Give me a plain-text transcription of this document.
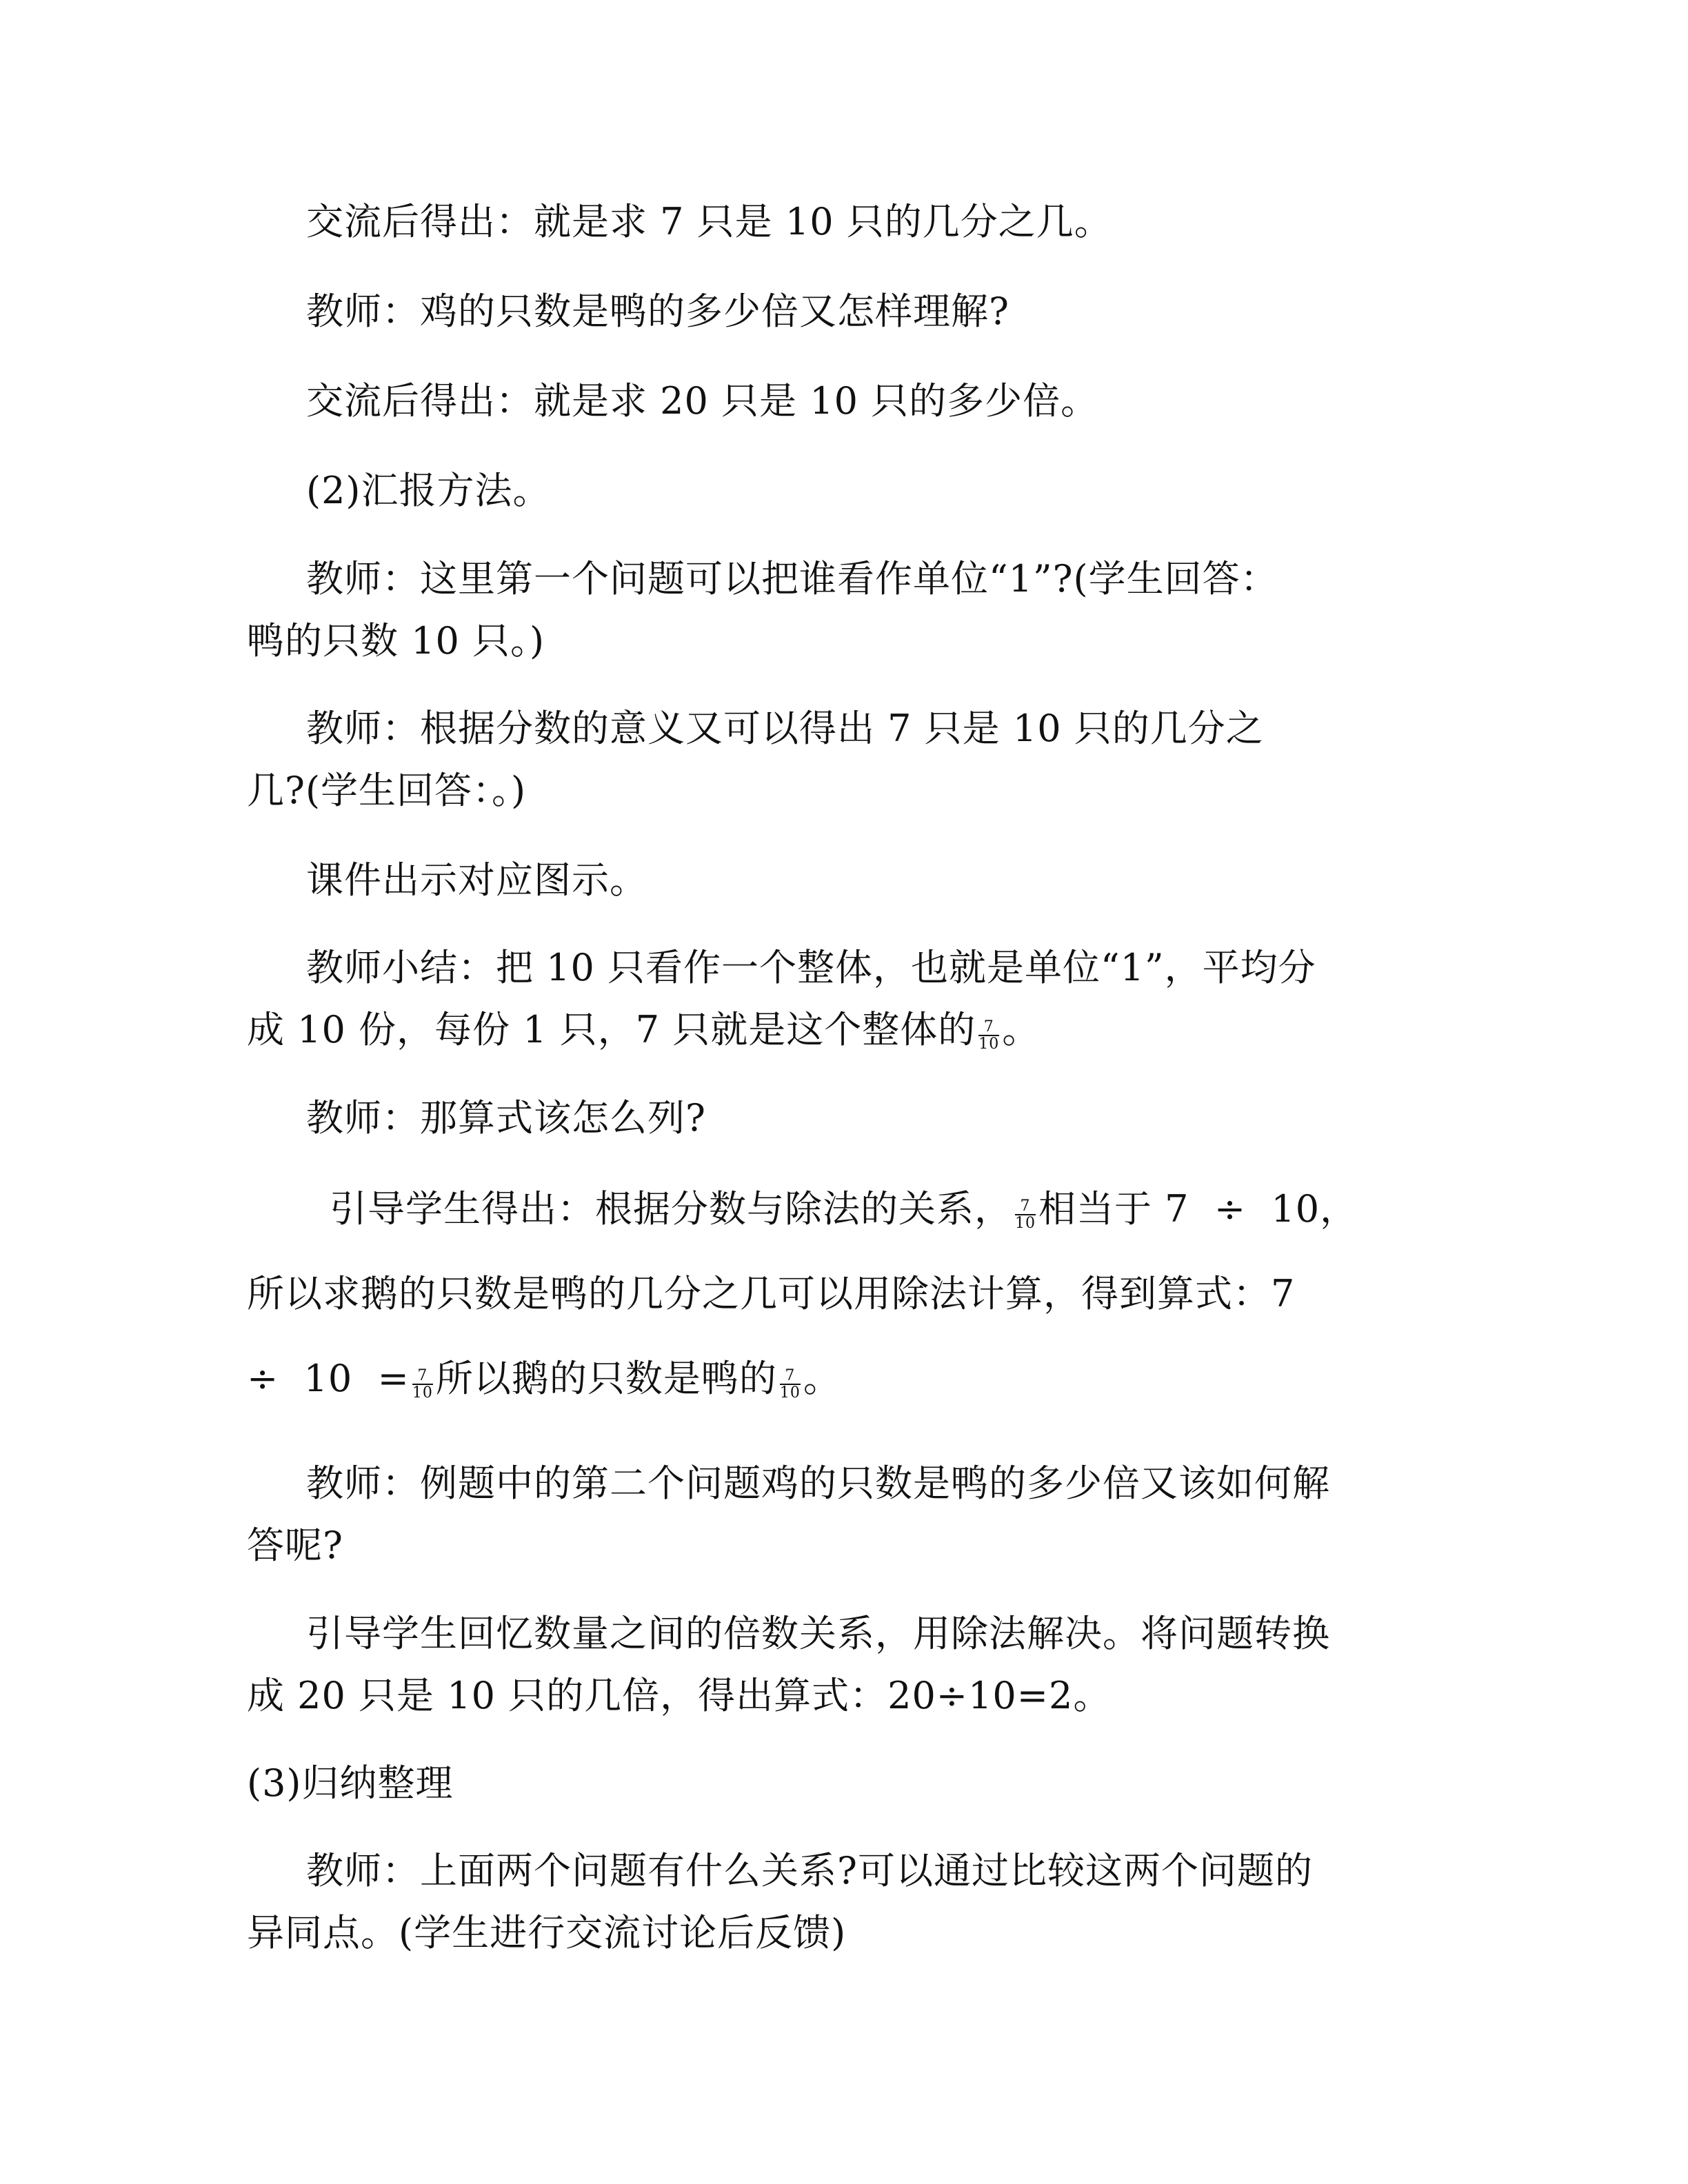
交流后得出：就是求 7 只是 10 只的几分之几。
教师：鸡的只数是鸭的多少倍又怎样理解?
交流后得出：就是求 20 只是 10 只的多少倍。
(2)汇报方法。
教师：这里第一个问题可以把谁看作单位“1”?(学生回答：
鸭的只数 10 只。)
教师：根据分数的意义又可以得出 7 只是 10 只的几分之
几?(学生回答：。)
课件出示对应图示。
教师小结：把 10 只看作一个整体，也就是单位“1”，平均分
成 10 份，每份 1 只，7 只就是这个整体的 $\frac{7}{10}$ 。
教师：那算式该怎么列?
引导学生得出：根据分数与除法的关系， $\frac{7}{10}$ 相当于 7  ÷  10，
所以求鹅的只数是鸭的几分之几可以用除法计算，得到算式：7
÷  $10 = \frac{7}{10}$ 所以鹅的只数是鸭的 $\frac{7}{10}$ 。
教师：例题中的第二个问题鸡的只数是鸭的多少倍又该如何解
答呢?
引导学生回忆数量之间的倍数关系，用除法解决。将问题转换
成 20 只是 10 只的几倍，得出算式：20÷10=2。
(3)归纳整理
教师：上面两个问题有什么关系?可以通过比较这两个问题的
异同点。(学生进行交流讨论后反馈)
